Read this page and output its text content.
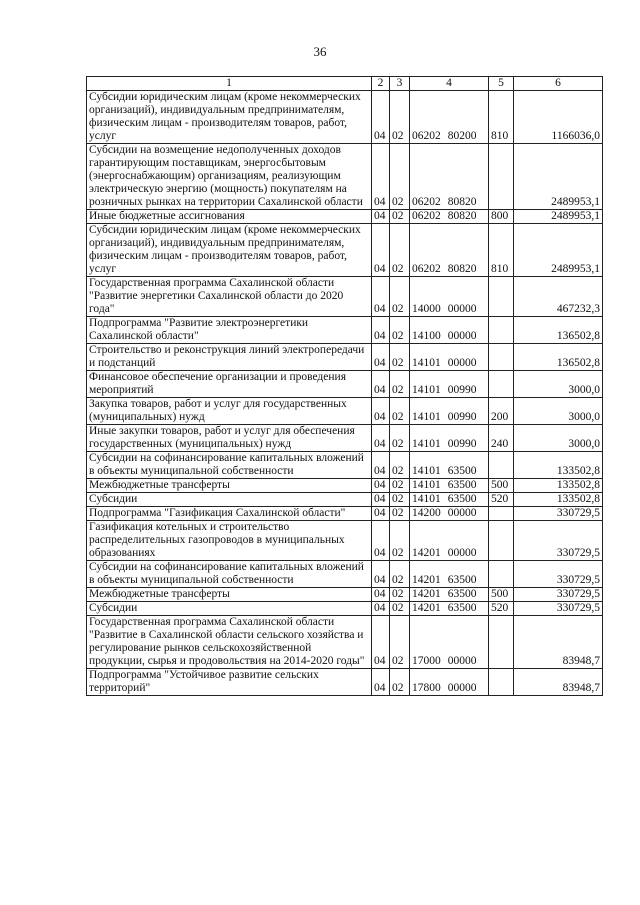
36
1	2	3	4	5	6
Субсидии юридическим лицам (кроме некоммерческих организаций), индивидуальным предпринимателям, физическим лицам - производителям товаров, работ, услуг	04	02	06202 80200	810	1166036,0
Субсидии на возмещение недополученных доходов гарантирующим поставщикам, энергосбытовым (энергоснабжающим) организациям, реализующим электрическую энергию (мощность) покупателям на розничных рынках на территории Сахалинской области	04	02	06202 80820		2489953,1
Иные бюджетные ассигнования	04	02	06202 80820	800	2489953,1
Субсидии юридическим лицам (кроме некоммерческих организаций), индивидуальным предпринимателям, физическим лицам - производителям товаров, работ, услуг	04	02	06202 80820	810	2489953,1
Государственная программа Сахалинской области "Развитие энергетики Сахалинской области до 2020 года"	04	02	14000 00000		467232,3
Подпрограмма "Развитие электроэнергетики Сахалинской области"	04	02	14100 00000		136502,8
Строительство и реконструкция линий электропередачи и подстанций	04	02	14101 00000		136502,8
Финансовое обеспечение организации и проведения мероприятий	04	02	14101 00990		3000,0
Закупка товаров, работ и услуг для государственных (муниципальных) нужд	04	02	14101 00990	200	3000,0
Иные закупки товаров, работ и услуг для обеспечения государственных (муниципальных) нужд	04	02	14101 00990	240	3000,0
Субсидии на софинансирование капитальных вложений в объекты муниципальной собственности	04	02	14101 63500		133502,8
Межбюджетные трансферты	04	02	14101 63500	500	133502,8
Субсидии	04	02	14101 63500	520	133502,8
Подпрограмма "Газификация Сахалинской области"	04	02	14200 00000		330729,5
Газификация котельных и строительство распределительных газопроводов в муниципальных образованиях	04	02	14201 00000		330729,5
Субсидии на софинансирование капитальных вложений в объекты муниципальной собственности	04	02	14201 63500		330729,5
Межбюджетные трансферты	04	02	14201 63500	500	330729,5
Субсидии	04	02	14201 63500	520	330729,5
Государственная программа Сахалинской области "Развитие в Сахалинской области сельского хозяйства и регулирование рынков сельскохозяйственной продукции, сырья и продовольствия на 2014-2020 годы"	04	02	17000 00000		83948,7
Подпрограмма "Устойчивое развитие сельских территорий"	04	02	17800 00000		83948,7
